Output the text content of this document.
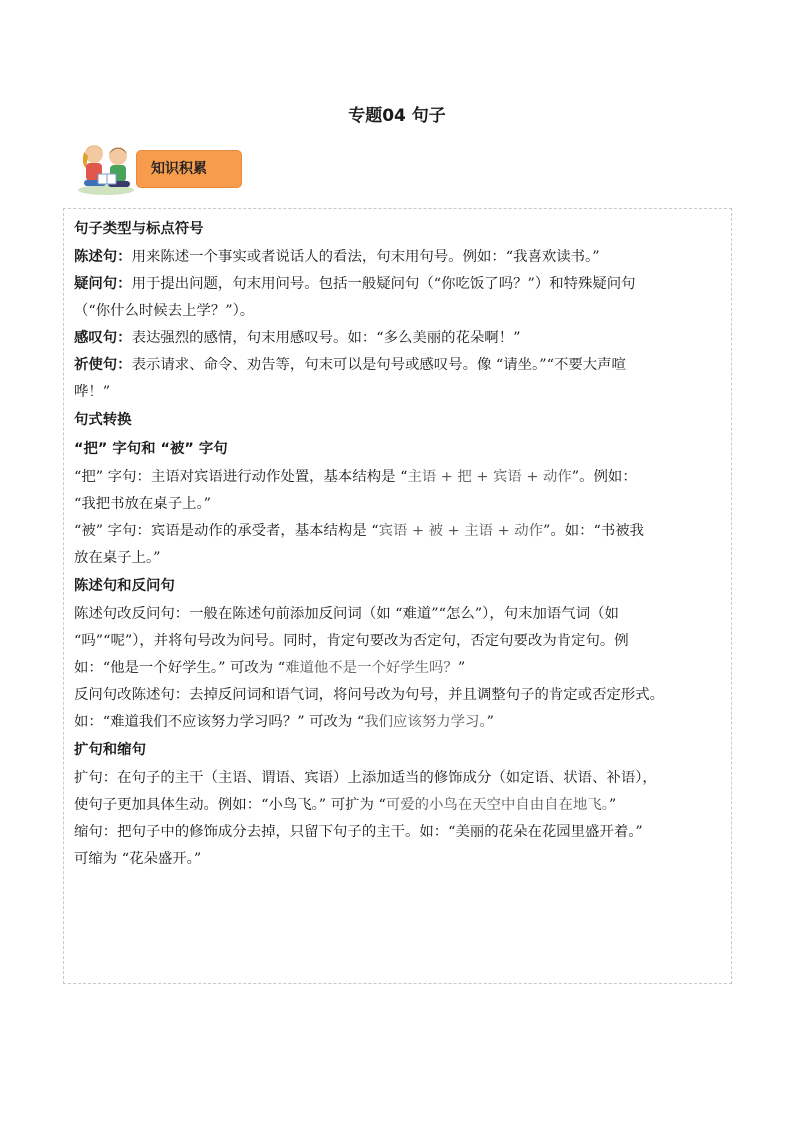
专题04 句子
知识积累

句子类型与标点符号

陈述句：用来陈述一个事实或者说话人的看法，句末用句号。例如：“我喜欢读书。”

疑问句：用于提出问题，句末用问号。包括一般疑问句（“你吃饭了吗？”）和特殊疑问句

（“你什么时候去上学？”）。

感叹句：表达强烈的感情，句末用感叹号。如：“多么美丽的花朵啊！”

祈使句：表示请求、命令、劝告等，句末可以是句号或感叹号。像 “请坐。”“不要大声喧

哗！”

句式转换

“把” 字句和 “被” 字句

“把” 字句：主语对宾语进行动作处置，基本结构是 “主语 + 把 + 宾语 + 动作”。例如：

“我把书放在桌子上。”

“被” 字句：宾语是动作的承受者，基本结构是 “宾语 + 被 + 主语 + 动作”。如：“书被我

放在桌子上。”

陈述句和反问句

陈述句改反问句：一般在陈述句前添加反问词（如 “难道”“怎么”），句末加语气词（如

“吗”“呢”），并将句号改为问号。同时，肯定句要改为否定句，否定句要改为肯定句。例

如：“他是一个好学生。” 可改为 “难道他不是一个好学生吗？”

反问句改陈述句：去掉反问词和语气词，将问号改为句号，并且调整句子的肯定或否定形式。

如：“难道我们不应该努力学习吗？” 可改为 “我们应该努力学习。”

扩句和缩句

扩句：在句子的主干（主语、谓语、宾语）上添加适当的修饰成分（如定语、状语、补语），

使句子更加具体生动。例如：“小鸟飞。” 可扩为 “可爱的小鸟在天空中自由自在地飞。”

缩句：把句子中的修饰成分去掉，只留下句子的主干。如：“美丽的花朵在花园里盛开着。”

可缩为 “花朵盛开。”
